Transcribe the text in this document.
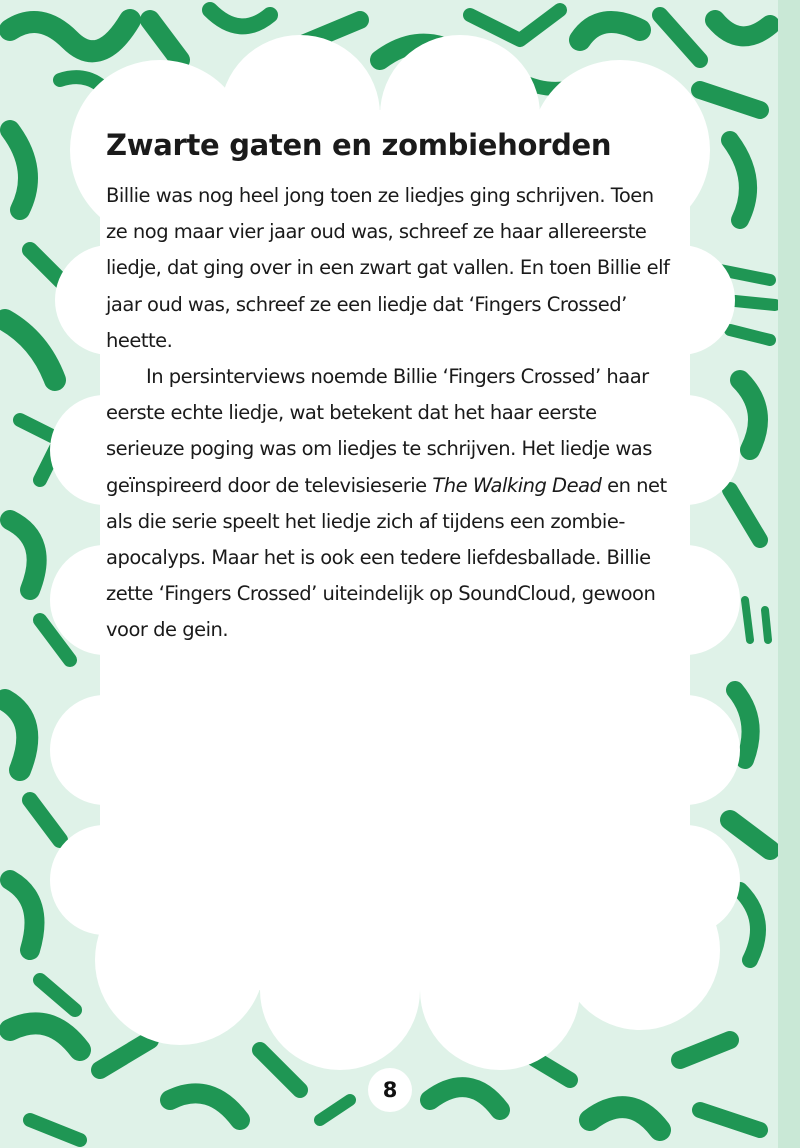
Zwarte gaten en zombiehorden

Billie was nog heel jong toen ze liedjes ging schrijven. Toen ze nog maar vier jaar oud was, schreef ze haar allereerste liedje, dat ging over in een zwart gat vallen. En toen Billie elf jaar oud was, schreef ze een liedje dat ‘Fingers Crossed’ heette.

In persinterviews noemde Billie ‘Fingers Crossed’ haar eerste echte liedje, wat betekent dat het haar eerste serieuze poging was om liedjes te schrijven. Het liedje was geïnspireerd door de televisieserie The Walking Dead en net als die serie speelt het liedje zich af tijdens een zombie-apocalyps. Maar het is ook een tedere liefdesballade. Billie zette ‘Fingers Crossed’ uiteindelijk op SoundCloud, gewoon voor de gein.

8
